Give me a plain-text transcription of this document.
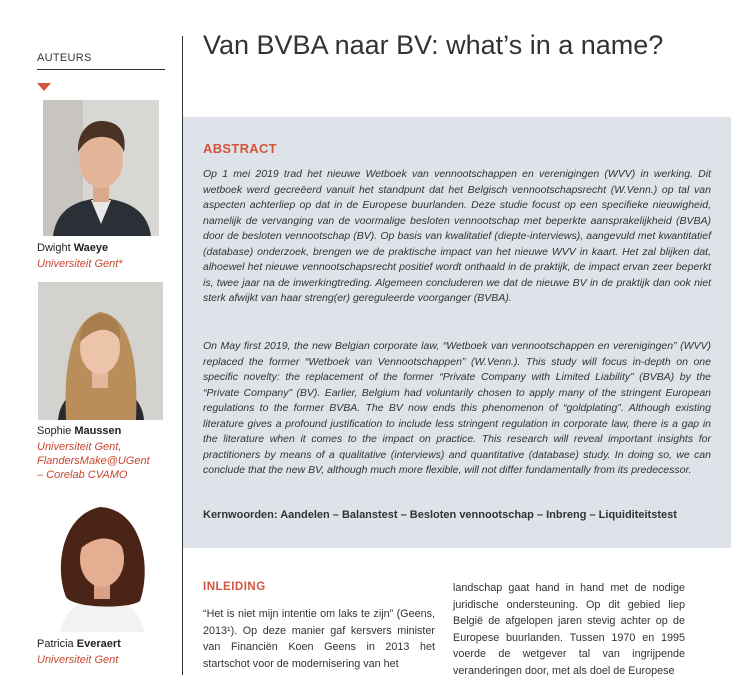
AUTEURS
Dwight Waeye
Universiteit Gent*
Sophie Maussen
Universiteit Gent, FlandersMake@UGent – Corelab CVAMO
Patricia Everaert
Universiteit Gent
Van BVBA naar BV: what’s in a name?
ABSTRACT

Op 1 mei 2019 trad het nieuwe Wetboek van vennootschappen en verenigingen (WVV) in werking. Dit wetboek werd gecreëerd vanuit het standpunt dat het Belgisch vennootschapsrecht (W.Venn.) op tal van aspecten achterliep op dat in de Europese buurlanden. Deze studie focust op een specifieke nieuwigheid, namelijk de vervanging van de voormalige besloten vennootschap met beperkte aansprakelijkheid (BVBA) door de besloten vennootschap (BV). Op basis van kwalitatief (diepte-interviews), aangevuld met kwantitatief (database) onderzoek, brengen we de praktische impact van het nieuwe WVV in kaart. Het zal blijken dat, alhoewel het nieuwe vennootschapsrecht positief wordt onthaald in de praktijk, de impact ervan zeer beperkt is, twee jaar na de inwerkingtreding. Algemeen concluderen we dat de nieuwe BV in de praktijk dan ook niet sterk afwijkt van haar streng(er) gereguleerde voorganger (BVBA).

On May first 2019, the new Belgian corporate law, “Wetboek van vennootschappen en verenigingen” (WVV) replaced the former “Wetboek van Vennootschappen” (W.Venn.). This study will focus in-depth on one specific novelty: the replacement of the former “Private Company with Limited Liability” (BVBA) by the “Private Company” (BV). Earlier, Belgium had voluntarily chosen to apply many of the stringent European regulations to the former BVBA. The BV now ends this phenomenon of “goldplating”. Although existing literature gives a profound justification to include less stringent regulation in corporate law, there is a gap in the literature when it comes to the impact on practice. This research will reveal important insights for practitioners by means of a qualitative (interviews) and quantitative (database) study. In doing so, we can conclude that the new BV, although much more flexible, will not differ fundamentally from its predecessor.

Kernwoorden: Aandelen – Balanstest – Besloten vennootschap – Inbreng – Liquiditeitstest
INLEIDING

“Het is niet mijn intentie om laks te zijn” (Geens, 2013¹). Op deze manier gaf kersvers minister van Financiën Koen Geens in 2013 het startschot voor de modernisering van het

landschap gaat hand in hand met de nodige juridische ondersteuning. Op dit gebied liep België de afgelopen jaren stevig achter op de Europese buurlanden. Tussen 1970 en 1995 voerde de wetgever tal van ingrijpende veranderingen door, met als doel de Europese
